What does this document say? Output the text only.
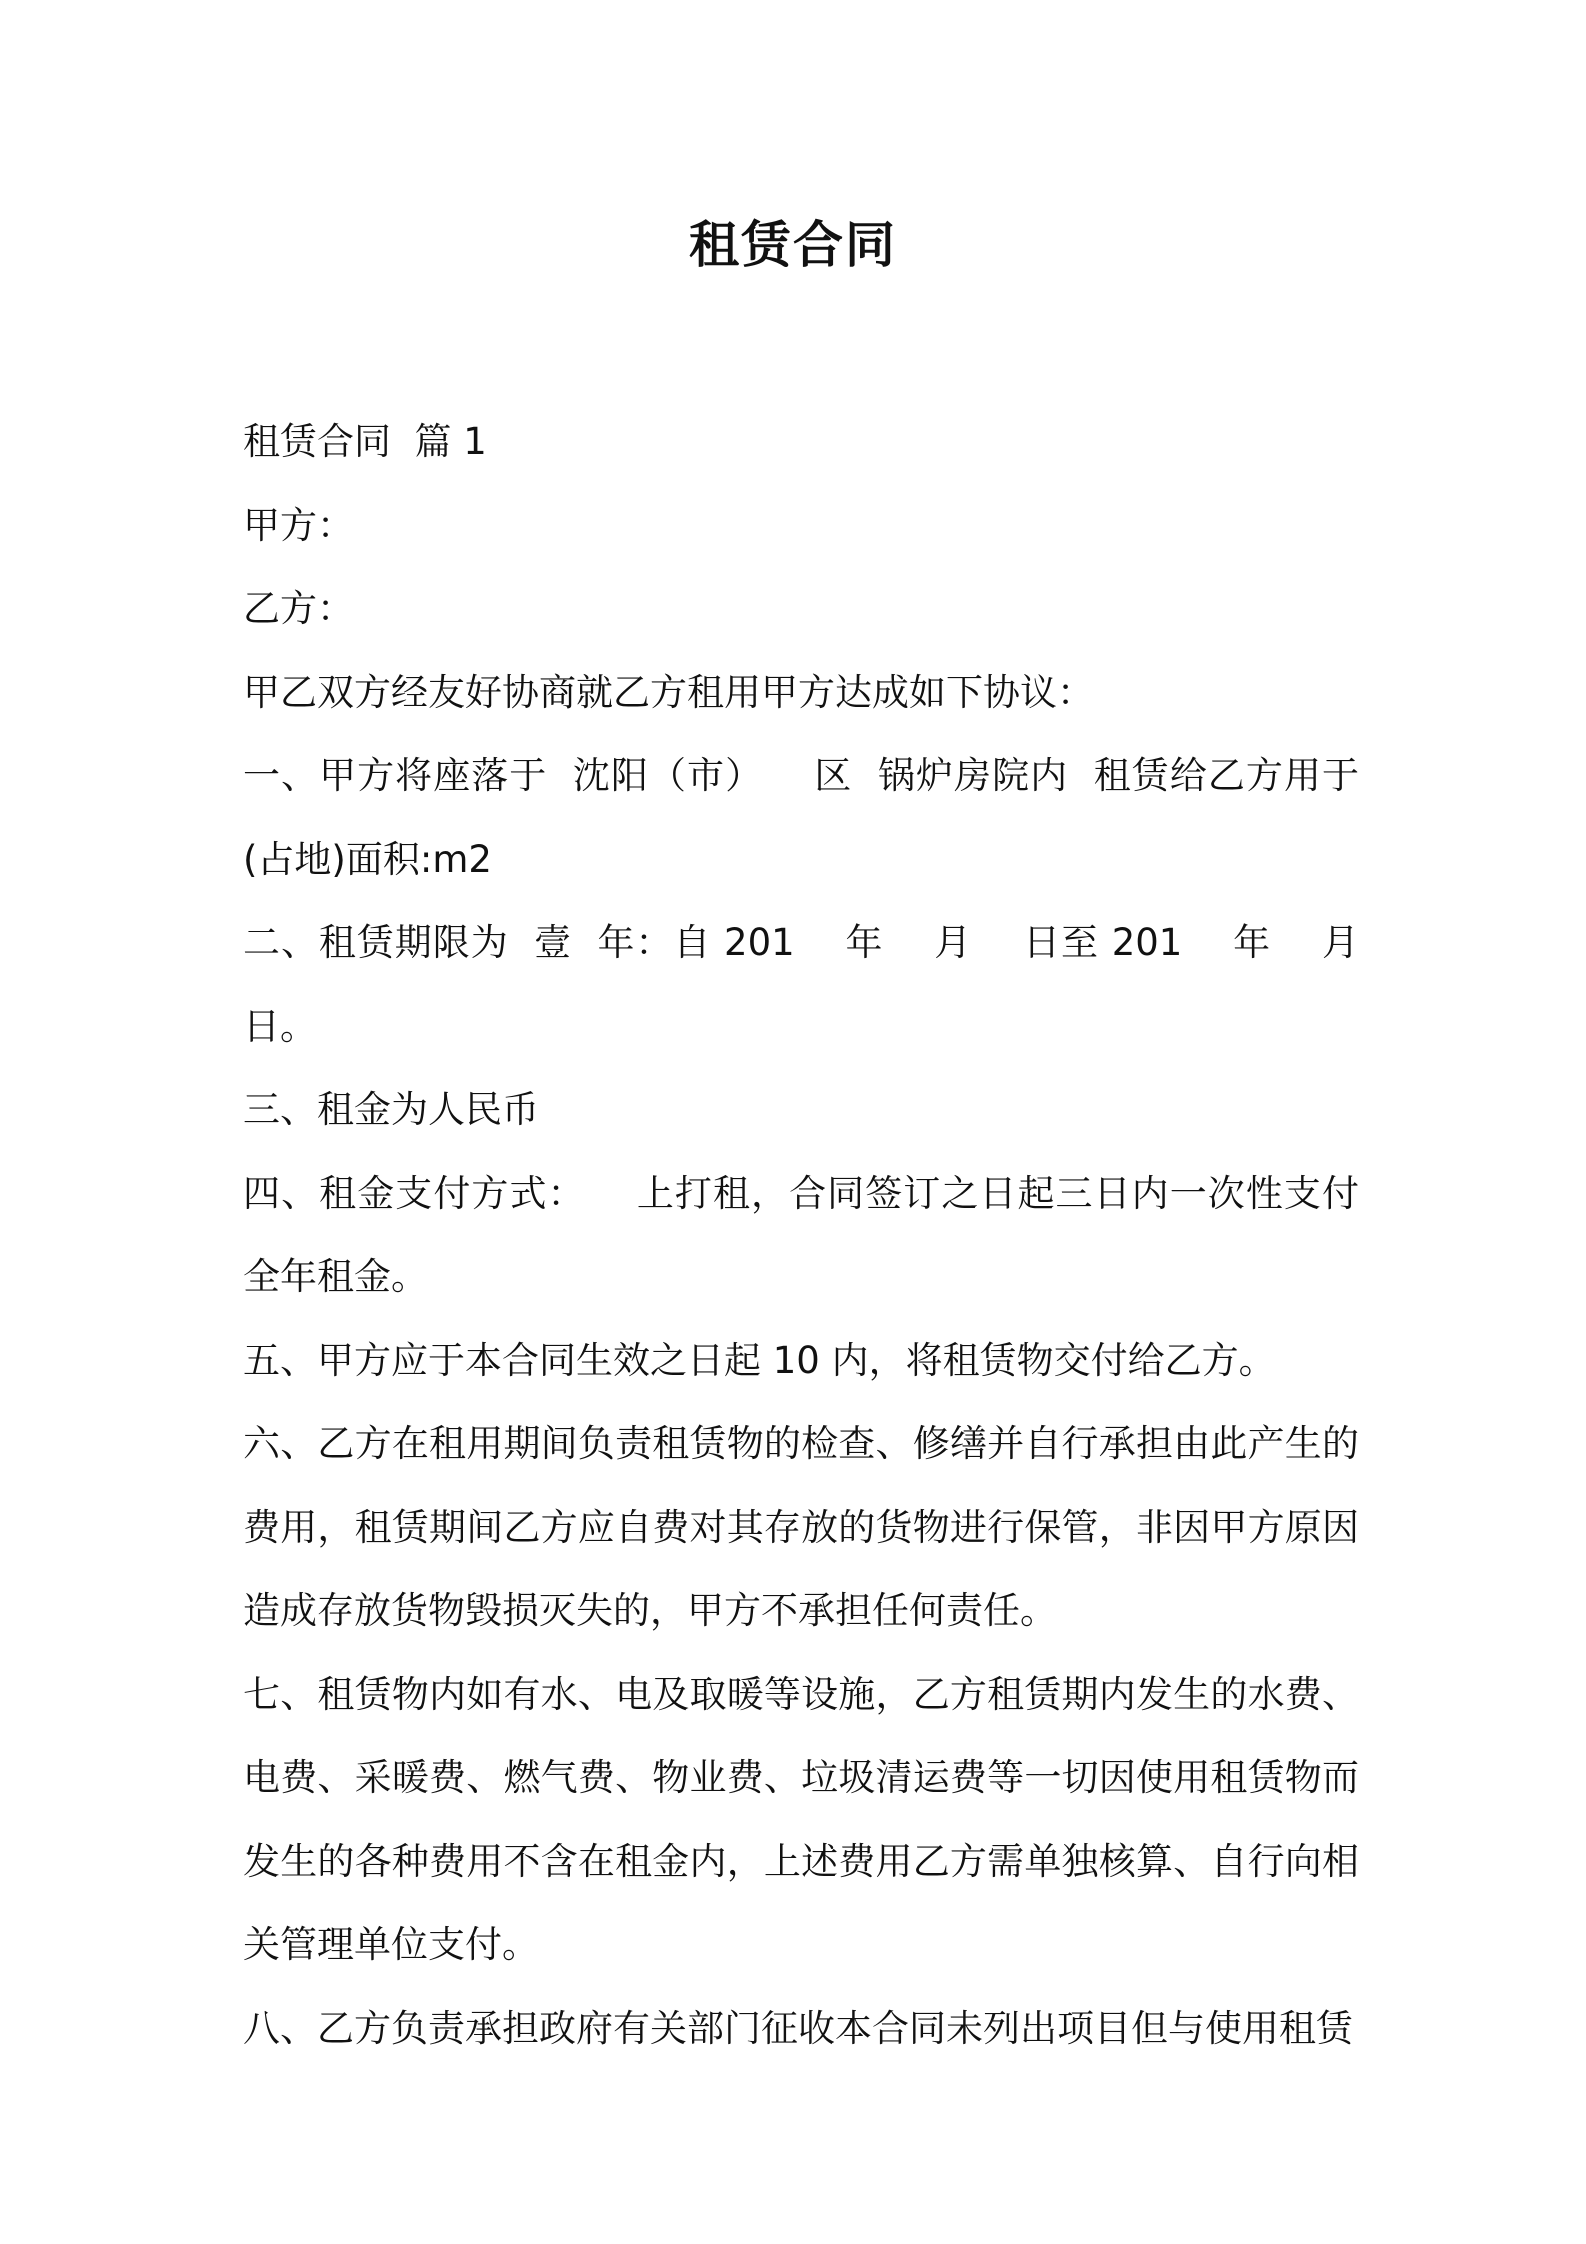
租赁合同

租赁合同  篇 1

甲方：

乙方：

甲乙双方经友好协商就乙方租用甲方达成如下协议：

一、甲方将座落于  沈阳（市）    区  锅炉房院内  租赁给乙方用于    (占地)面积:m2

二、租赁期限为  壹  年：自 201    年    月    日至 201    年    月日。

三、租金为人民币

四、租金支付方式：    上打租，合同签订之日起三日内一次性支付全年租金。

五、甲方应于本合同生效之日起 10 内，将租赁物交付给乙方。

六、乙方在租用期间负责租赁物的检查、修缮并自行承担由此产生的费用，租赁期间乙方应自费对其存放的货物进行保管，非因甲方原因造成存放货物毁损灭失的，甲方不承担任何责任。

七、租赁物内如有水、电及取暖等设施，乙方租赁期内发生的水费、电费、采暖费、燃气费、物业费、垃圾清运费等一切因使用租赁物而发生的各种费用不含在租金内，上述费用乙方需单独核算、自行向相关管理单位支付。

八、乙方负责承担政府有关部门征收本合同未列出项目但与使用租赁
